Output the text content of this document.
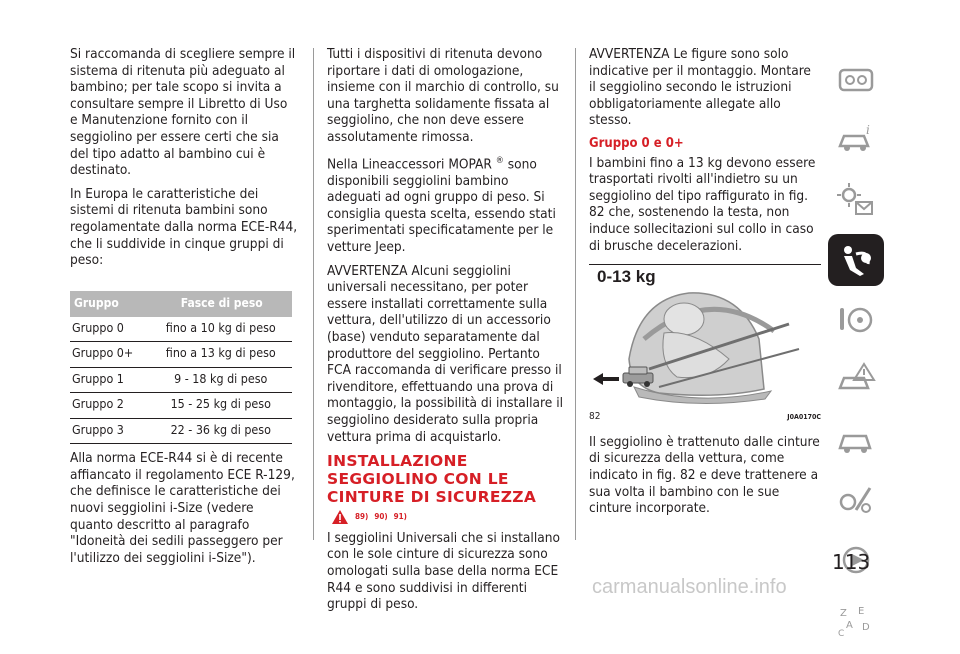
Si raccomanda di scegliere sempre il sistema di ritenuta più adeguato al bambino; per tale scopo si invita a consultare sempre il Libretto di Uso e Manutenzione fornito con il seggiolino per essere certi che sia del tipo adatto al bambino cui è destinato.

In Europa le caratteristiche dei sistemi di ritenuta bambini sono regolamentate dalla norma ECE-R44, che li suddivide in cinque gruppi di peso:

Gruppo	Fasce di peso
Gruppo 0	fino a 10 kg di peso
Gruppo 0+	fino a 13 kg di peso
Gruppo 1	9 - 18 kg di peso
Gruppo 2	15 - 25 kg di peso
Gruppo 3	22 - 36 kg di peso

Alla norma ECE-R44 si è di recente affiancato il regolamento ECE R-129, che definisce le caratteristiche dei nuovi seggiolini i-Size (vedere quanto descritto al paragrafo "Idoneità dei sedili passeggero per l'utilizzo dei seggiolini i-Size").

Tutti i dispositivi di ritenuta devono riportare i dati di omologazione, insieme con il marchio di controllo, su una targhetta solidamente fissata al seggiolino, che non deve essere assolutamente rimossa.

Nella Lineaccessori MOPAR ® sono disponibili seggiolini bambino adeguati ad ogni gruppo di peso. Si consiglia questa scelta, essendo stati sperimentati specificatamente per le vetture Jeep.

AVVERTENZA Alcuni seggiolini universali necessitano, per poter essere installati correttamente sulla vettura, dell'utilizzo di un accessorio (base) venduto separatamente dal produttore del seggiolino. Pertanto FCA raccomanda di verificare presso il rivenditore, effettuando una prova di montaggio, la possibilità di installare il seggiolino desiderato sulla propria vettura prima di acquistarlo.

INSTALLAZIONE SEGGIOLINO CON LE CINTURE DI SICUREZZA
89) 90) 91)

I seggiolini Universali che si installano con le sole cinture di sicurezza sono omologati sulla base della norma ECE R44 e sono suddivisi in differenti gruppi di peso.

AVVERTENZA Le figure sono solo indicative per il montaggio. Montare il seggiolino secondo le istruzioni obbligatoriamente allegate allo stesso.

Gruppo 0 e 0+

I bambini fino a 13 kg devono essere trasportati rivolti all'indietro su un seggiolino del tipo raffigurato in fig. 82 che, sostenendo la testa, non induce sollecitazioni sul collo in caso di brusche decelerazioni.

0-13 kg
82	J0A0170C

Il seggiolino è trattenuto dalle cinture di sicurezza della vettura, come indicato in fig. 82 e deve trattenere a sua volta il bambino con le sue cinture incorporate.

i
Z E
A D
C
113
carmanualsonline.info
